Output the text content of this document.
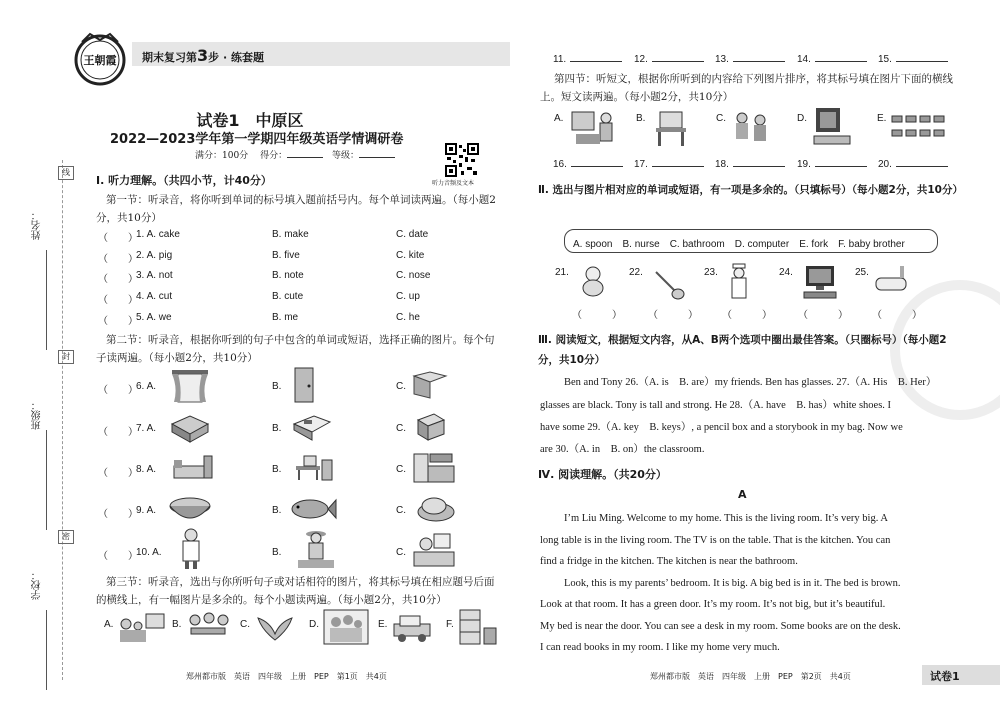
王朝霞 期末复习第3步 · 练套题
线
姓名：
封
班级：
密
学校：
试卷1　中原区
2022—2023学年第一学期四年级英语学情调研卷
满分：100分　 得分：	等级：
听力音频及文本
Ⅰ. 听力理解。（共四小节，计40分）
第一节：听录音，将你听到单词的标号填入题前括号内。每个单词读两遍。（每小题2分，共10分）
（　　）
1. A. cake	B. make	C. date
（　　）
2. A. pig	B. five	C. kite
（　　）
3. A. not	B. note	C. nose
（　　）
4. A. cut	B. cute	C. up
（　　）
5. A. we	B. me	C. he
第二节：听录音，根据你听到的句子中包含的单词或短语，选择正确的图片。每个句子读两遍。（每小题2分，共10分）
（　　）
6. A.	B.	C.
（　　）
7. A.	B.	C.
（　　）
8. A.	B.	C.
（　　）
9. A.	B.	C.
（　　）
10. A.	B.	C.
第三节：听录音，选出与你所听句子或对话相符的图片，将其标号填在相应题号后面的横线上，有一幅图片是多余的。每个小题读两遍。（每小题2分，共10分）
A.	B.	C.	D.	E.	F.
郑州都市版　英语　四年级　上册　PEP　第1页　共4页
11.	12.	13.	14.	15.
第四节：听短文，根据你所听到的内容给下列图片排序，将其标号填在图片下面的横线上。短文读两遍。（每小题2分，共10分）
A.	B.	C.	D.	E.
16.	17.	18.	19.	20.
Ⅱ. 选出与图片相对应的单词或短语，有一项是多余的。（只填标号）（每小题2分，共10分）
A. spoon　B. nurse　C. bathroom　D. computer　E. fork　F. baby brother
21.	22.	23.	24.	25.
（　　　）	（　　　） （　　　）	（　　　） （　　　）
Ⅲ. 阅读短文，根据短文内容，从A、B两个选项中圈出最佳答案。（只圈标号）（每小题2分，共10分）
Ben and Tony 26.（A. is　B. are）my friends. Ben has glasses. 27.（A. His　B. Her）
glasses are black. Tony is tall and strong. He 28.（A. have　B. has）white shoes. I
have some 29.（A. key　B. keys）, a pencil box and a storybook in my bag. Now we
are 30.（A. in　B. on）the classroom.
Ⅳ. 阅读理解。（共20分）
A
I’m Liu Ming. Welcome to my home. This is the living room. It’s very big. A
long table is in the living room. The TV is on the table. That is the kitchen. You can
find a fridge in the kitchen. The kitchen is near the bathroom.
Look, this is my parents’ bedroom. It is big. A big bed is in it. The bed is brown.
Look at that room. It has a green door. It’s my room. It’s not big, but it’s beautiful.
My bed is near the door. You can see a desk in my room. Some books are on the desk.
I can read books in my room. I like my home very much.
郑州都市版　英语　四年级　上册　PEP　第2页　共4页	试卷1
